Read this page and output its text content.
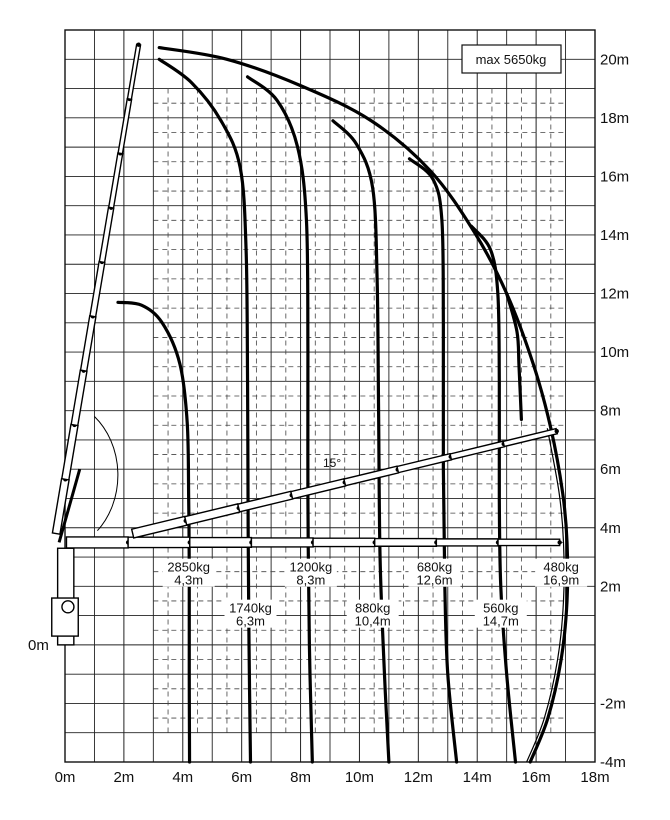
0m	2m	4m	6m	8m 10m 12m 14m 16m 18m
-4m
-2m
0m
2m
4m
6m
8m
10m
12m
14m
16m
18m
20m
2850kg
4,3m
1740kg
6,3m
1200kg
8,3m
880kg
10,4m
680kg
12,6m
560kg
14,7m
480kg
16,9m
max 5650kg
15°
